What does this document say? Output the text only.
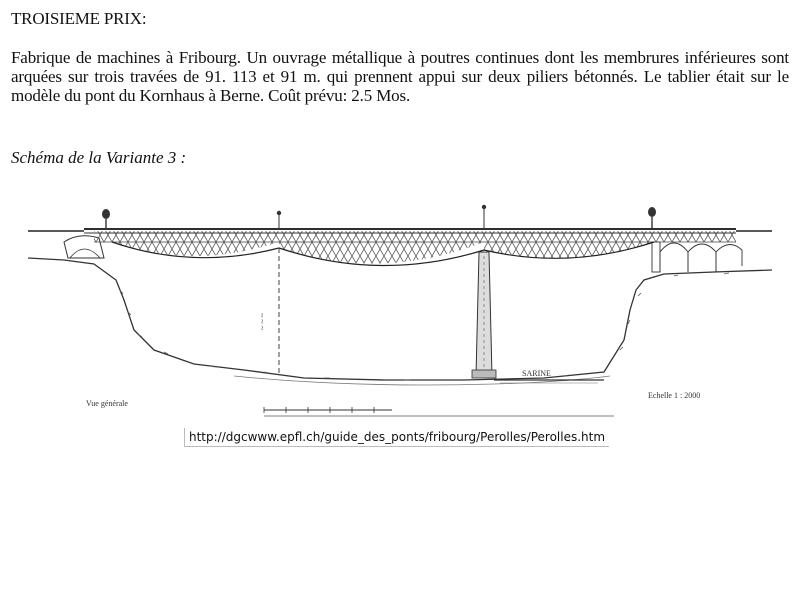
TROISIEME PRIX:
Fabrique de machines à Fribourg. Un ouvrage métallique à poutres continues dont les membrures inférieures sont arquées sur trois travées de 91. 113 et 91 m. qui prennent appui sur deux piliers bétonnés. Le tablier était sur le modèle du pont du Kornhaus à Berne. Coût prévu: 2.5 Mos.
Schéma de la Variante 3 :
~ ~ ~
SARINE
Vue générale
Echelle 1 : 2000
http://dgcwww.epfl.ch/guide_des_ponts/fribourg/Perolles/Perolles.htm
